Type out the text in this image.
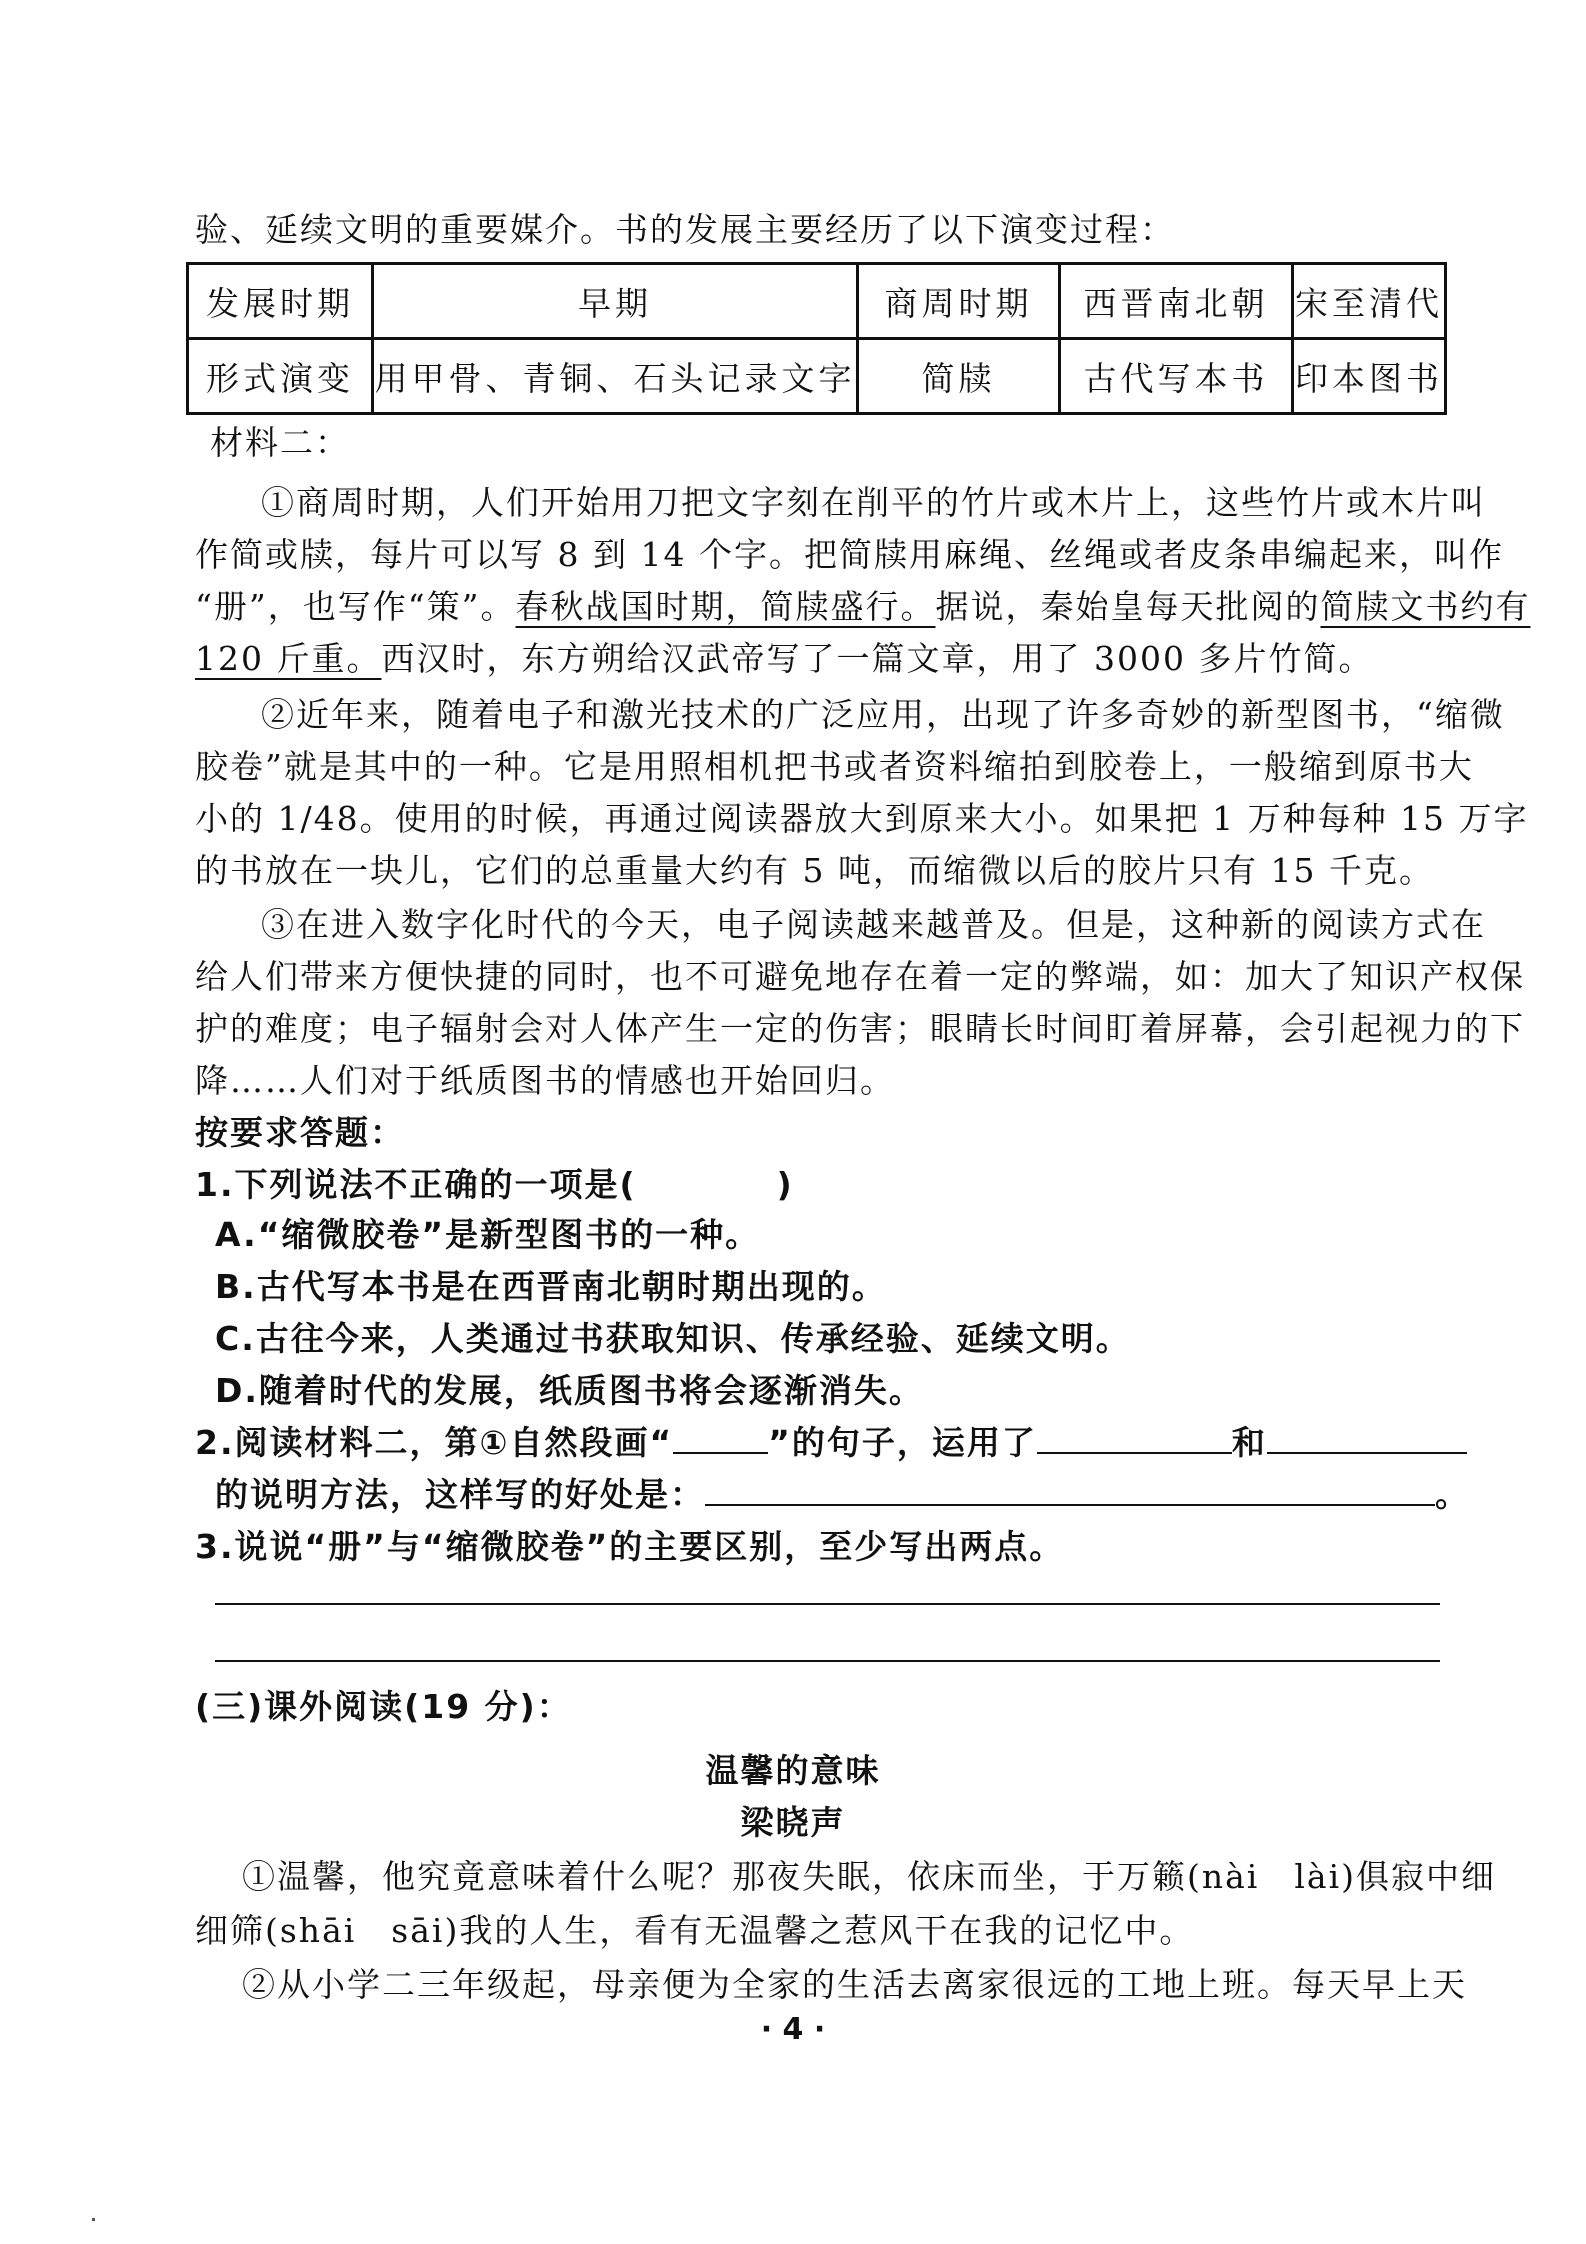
验、延续文明的重要媒介。书的发展主要经历了以下演变过程：
发展时期	早期	商周时期	西晋南北朝	宋至清代
形式演变	用甲骨、青铜、石头记录文字	简牍	古代写本书	印本图书
材料二：
①商周时期，人们开始用刀把文字刻在削平的竹片或木片上，这些竹片或木片叫
作简或牍，每片可以写 8 到 14 个字。把简牍用麻绳、丝绳或者皮条串编起来，叫作
“册”，也写作“策”。春秋战国时期，简牍盛行。据说，秦始皇每天批阅的简牍文书约有
120 斤重。西汉时，东方朔给汉武帝写了一篇文章，用了 3000 多片竹简。
②近年来，随着电子和激光技术的广泛应用，出现了许多奇妙的新型图书，“缩微
胶卷”就是其中的一种。它是用照相机把书或者资料缩拍到胶卷上，一般缩到原书大
小的 1/48。使用的时候，再通过阅读器放大到原来大小。如果把 1 万种每种 15 万字
的书放在一块儿，它们的总重量大约有 5 吨，而缩微以后的胶片只有 15 千克。
③在进入数字化时代的今天，电子阅读越来越普及。但是，这种新的阅读方式在
给人们带来方便快捷的同时，也不可避免地存在着一定的弊端，如：加大了知识产权保
护的难度；电子辐射会对人体产生一定的伤害；眼睛长时间盯着屏幕，会引起视力的下
降……人们对于纸质图书的情感也开始回归。
按要求答题：
1.下列说法不正确的一项是(　　　　)
A.“缩微胶卷”是新型图书的一种。
B.古代写本书是在西晋南北朝时期出现的。
C.古往今来，人类通过书获取知识、传承经验、延续文明。
D.随着时代的发展，纸质图书将会逐渐消失。
2.阅读材料二，第①自然段画“	”的句子，运用了	和
的说明方法，这样写的好处是：	。
3.说说“册”与“缩微胶卷”的主要区别，至少写出两点。
(三)课外阅读(19 分)：
温馨的意味
梁晓声
①温馨，他究竟意味着什么呢？那夜失眠，依床而坐，于万籁(nài　lài)俱寂中细
细筛(shāi　sāi)我的人生，看有无温馨之惹风干在我的记忆中。
②从小学二三年级起，母亲便为全家的生活去离家很远的工地上班。每天早上天
· 4 ·
